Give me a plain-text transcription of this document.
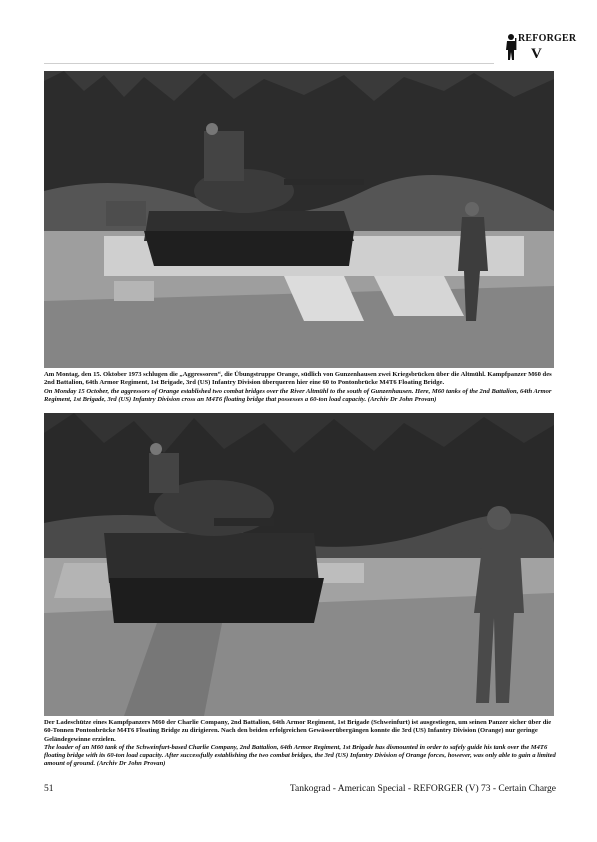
REFORGER
V

Am Montag, den 15. Oktober 1973 schlugen die „Aggressoren“, die Übungstruppe Orange, südlich von Gunzenhausen zwei Kriegsbrücken über die Altmühl. Kampfpanzer M60 des 2nd Battalion, 64th Armor Regiment, 1st Brigade, 3rd (US) Infantry Division überqueren hier eine 60 to Pontonbrücke M4T6 Floating Bridge.

On Monday 15 October, the aggressors of Orange established two combat bridges over the River Altmühl to the south of Gunzenhausen. Here, M60 tanks of the 2nd Battalion, 64th Armor Regiment, 1st Brigade, 3rd (US) Infantry Division cross an M4T6 floating bridge that possesses a 60-ton load capacity. (Archiv Dr John Provan)

Der Ladeschütze eines Kampfpanzers M60 der Charlie Company, 2nd Battalion, 64th Armor Regiment, 1st Brigade (Schweinfurt) ist ausgestiegen, um seinen Panzer sicher über die 60-Tonnen Pontonbrücke M4T6 Floating Bridge zu dirigieren. Nach den beiden erfolgreichen Gewässerübergängen konnte die 3rd (US) Infantry Division (Orange) nur geringe Geländegewinne erzielen.

The loader of an M60 tank of the Schweinfurt-based Charlie Company, 2nd Battalion, 64th Armor Regiment, 1st Brigade has dismounted in order to safely guide his tank over the M4T6 floating bridge with its 60-ton load capacity. After successfully establishing the two combat bridges, the 3rd (US) Infantry Division of Orange forces, however, was only able to gain a limited amount of ground. (Archiv Dr John Provan)

51	Tankograd - American Special - REFORGER (V) 73 - Certain Charge
